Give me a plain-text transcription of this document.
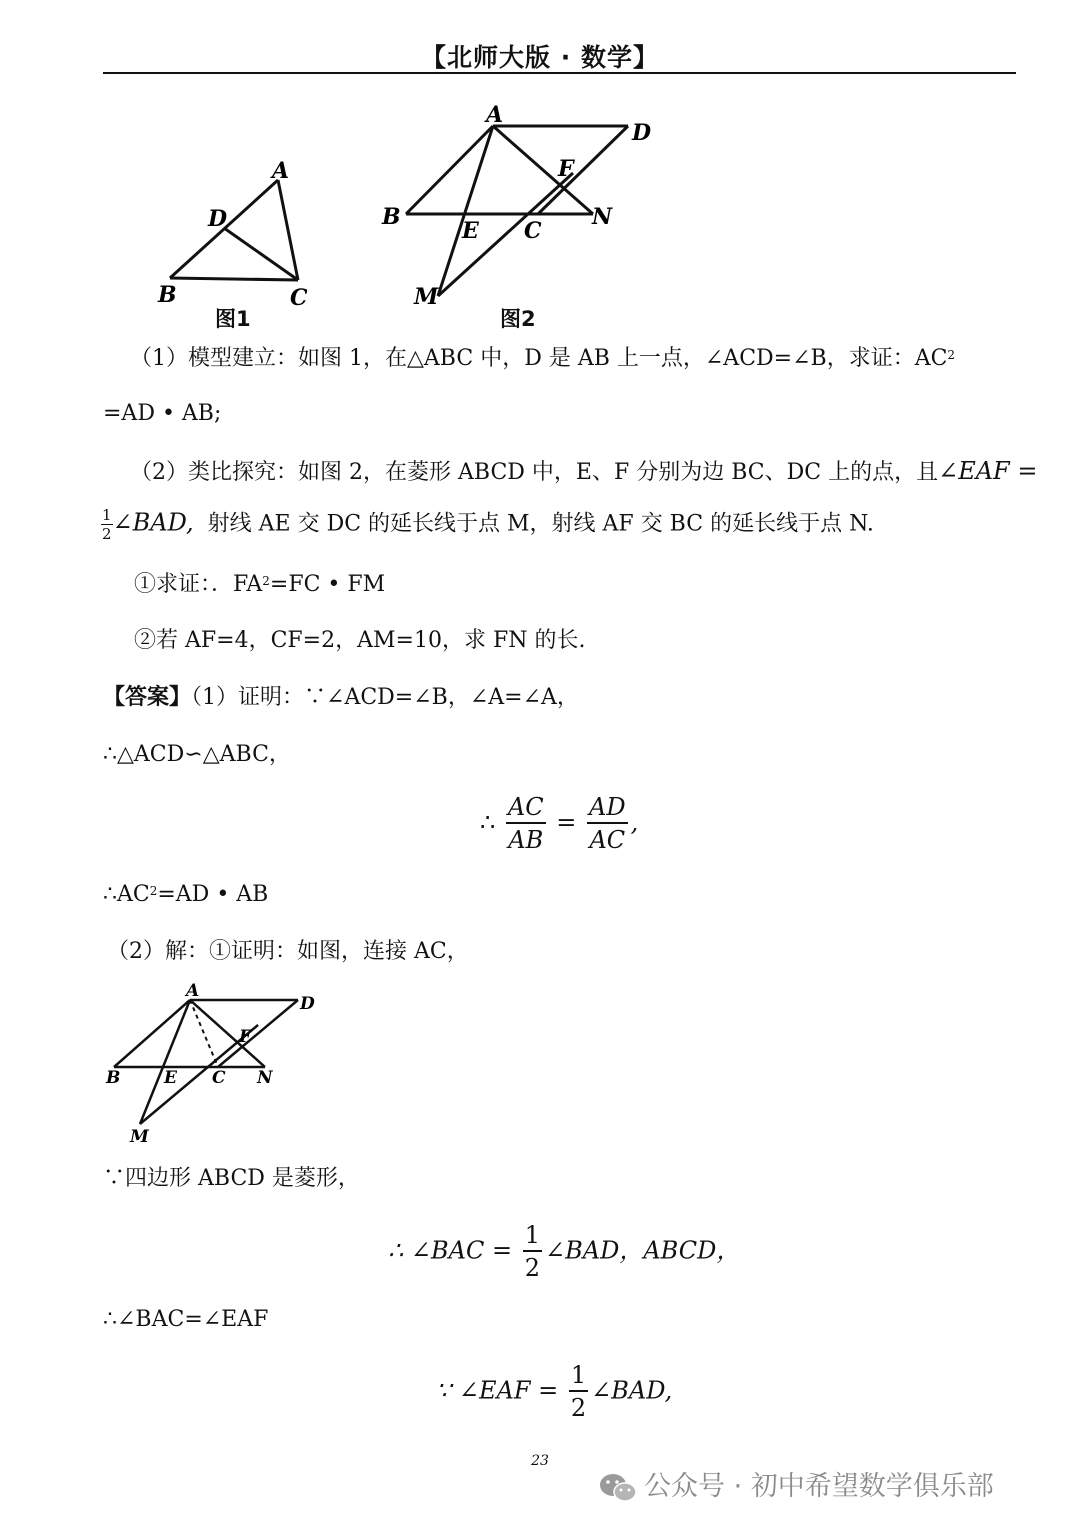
【北师大版 · 数学】
A
B	C
D
图1
A
B
C
D
E
F
M
N
图2
（1）模型建立：如图 1，在△ABC 中，D 是 AB 上一点，∠ACD=∠B，求证：$AC^2$
=AD • AB;
（2）类比探究：如图 2，在菱形 ABCD 中，E、F 分别为边 BC、DC 上的点，且∠EAF =
$\frac{1}{2}$ ∠BAD, 射线 AE 交 DC 的延长线于点 M，射线 AF 交 BC 的延长线于点 N.
①求证：．$FA^2=FC$ • FM
②若 AF=4，CF=2，AM=10，求 FN 的长.
【答案】（1）证明：∵∠ACD=∠B，∠A=∠A，
∴△ACD∽△ABC，
∴ $\frac{AC}{AB} = \frac{AD}{AC}$ ,
$\therefore AC^2=AD$ • AB
（2）解：①证明：如图，连接 AC，
A
B	C
D
E
F
M
N
∵四边形 ABCD 是菱形，
∴ ∠BAC = $\frac{1}{2}$ ∠BAD，ABCD，
∴∠BAC=∠EAF
∵ ∠EAF = $\frac{1}{2}$ ∠BAD,
23
公众号 · 初中希望数学俱乐部
